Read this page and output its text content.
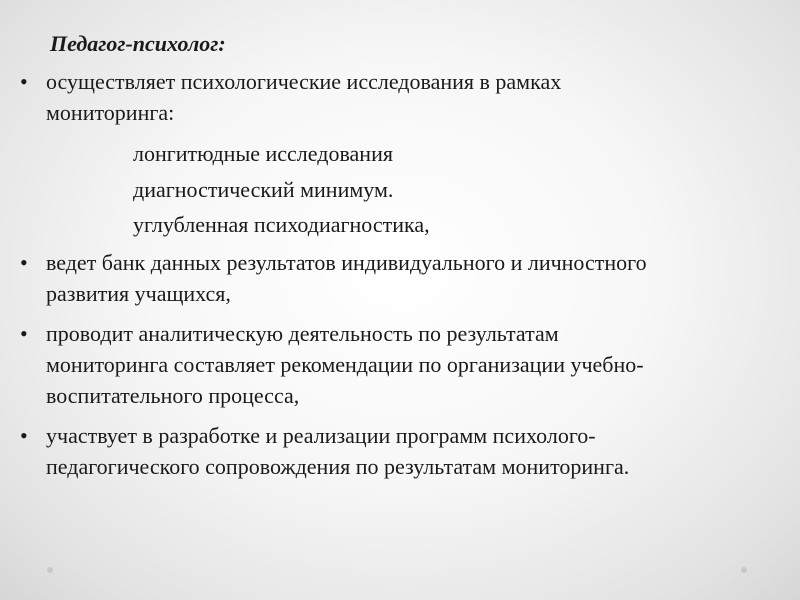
Педагог-психолог:

• осуществляет психологические исследования в рамках
мониторинга:

лонгитюдные исследования

диагностический минимум.

углубленная психодиагностика,

• ведет банк данных результатов индивидуального и личностного
развития учащихся,
• проводит аналитическую деятельность по результатам
мониторинга составляет рекомендации по организации учебно-
воспитательного процесса,
• участвует в разработке и реализации программ психолого-
педагогического сопровождения по результатам мониторинга.
